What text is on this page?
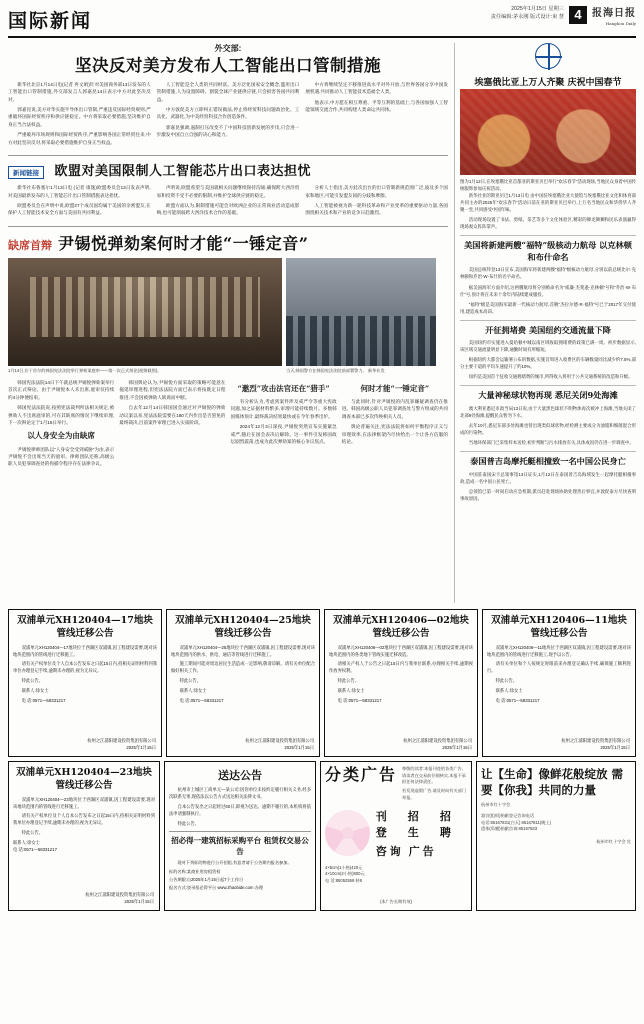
国际新闻
2025年1月15日 星期三
责任编辑:茅永刚 版式设计:束 慧 4	报海日报
Hanghou Daily
外交部:
坚决反对美方发布人工智能出口管制措施

新华社北京1月14日电(记者 冉文娟)针对美国商务部13日发布的人工智能出口管制措施,外交部发言人郭嘉昆14日表示中方对此坚决反对。

郭嘉昆说,美方对华实施半导体出口管制,严重违反国际经贸规则,严重破坏国际经贸秩序和供应链稳定。中方将采取必要措施,坚决维护自身正当合法权益。

严重破坏市场规则和国际经贸秩序,严重影响各国正常经贸往来,中方对此坚决反对,将采取必要措施维护自身正当权益。

人工智能是全人类的共同财富。美方泛化国家安全概念,滥用出口管制措施,人为设置障碍、割裂全球产业链供应链,只会损害各国共同利益。

中方敦促美方立即纠正错误做法,停止将经贸科技问题政治化、工具化、武器化,为中美经贸科技合作创造条件。

郭嘉昆强调,遏制打压改变不了中国科技创新发展的步伐,只会进一步激发中国自立自强的决心和能力。

中方将继续坚定不移推进高水平对外开放,与世界各国分享中国发展机遇,共同推动人工智能技术造福全人类。

他表示,中方愿在相互尊重、平等互利的基础上,与各国加强人工智能领域交流合作,共同构建人类命运共同体。

新闻链接 欧盟对美国限制人工智能芯片出口表达担忧

新华社布鲁塞尔1月13日电 (记者 康逸)欧盟委员会13日发表声明,对美国最新发布的人工智能芯片出口管制措施表达担忧。

欧盟委员会在声明中说,欧盟27个成员国均属于美国的亲密盟友,在保护人工智能技术安全方面与美国有共同利益。

声明说,欧盟希望与美国就相关问题继续保持沟通,确保跨大西洋贸易和投资不受不必要的限制,并维护全球供应链的稳定。

欧盟方面认为,限制措施可能会对欧洲企业的正常商业活动造成影响,也可能削弱跨大西洋技术合作的基础。

分析人士指出,美方此次出台的出口管制新规范围广泛,波及多个国家和地区,可能引发盟友间的分歧和摩擦。

人工智能被视为新一轮科技革命和产业变革的重要驱动力量,各国围绕相关技术和产业的竞争日趋激烈。

缺席首辩 尹锡悦弹劾案何时才能“一锤定音”
1月14日,位于首尔的韩国宪法法院举行弹劾案庭审——第一次正式辩论(视频截图)。	当天,韩国警方在韩国宪法法院前部署警力。 新华社发

韩国宪法法院14日下午就总统尹锡悦弹劾案举行首次正式辩论。由于尹锡悦本人未出席,庭审仅持续约4分钟便结束。

韩国宪法法院说,按照宪法裁判所法相关规定,被弹劾人不出席庭审的,可在其缺席的情况下继续审理,下一次辩论定于1月16日举行。

以人身安全为由缺席

尹锡悦律师团队以“人身安全受到威胁”为由,表示尹锡悦不会出席当天的庭审。律师团队还称,高级公职人员犯罪调查处的拘捕令程序存在法律争议。

韩国舆论认为,尹锡悦方面采取的策略可能意在拖延审理进程,但宪法法院方面已表示将按既定日程推进,不会因被弹劾人缺席而中断。

自去年12月14日韩国国会通过对尹锡悦的弹劾动议案以来,宪法法院需要在180天内作出是否罢免的最终裁决,目前案件审理已进入实质阶段。

“邀烈”攻击法官还在“猎手”

有分析认为,考虑到案件涉及戒严令等重大宪政问题,加之证据材料繁多,审理可能持续数月。多数韩国媒体预计,最终裁决结果最快或在今年春季出炉。

2024年12月3日深夜,尹锡悦突然宣布实施紧急戒严,随后在国会表决后解除。这一事件引发韩国政坛剧烈震荡,也成为此次弹劾案的核心争议焦点。

何时才能“一锤定音”

与此同时,针对尹锡悦的内乱罪嫌疑调查仍在推进。韩国高级公职人员犯罪调查处与警方组成的共同调查本部已多次传唤相关人员。

舆论普遍关注,宪法法院将如何平衡程序正义与审理效率,在法律框架内尽快给出一个让各方信服的结论。

埃塞俄比亚上万人齐聚 庆祝中国春节
图为1月12日,在埃塞俄比亚首都亚的斯亚贝巴举行“欢乐春节”活动现场,当地民众身着中国传统服饰参加庆祝活动。

新华社亚的斯亚贝巴1月13日电 由中国驻埃塞俄比亚大使馆与埃塞俄比亚文化和体育部共同主办的2025年“欢乐春节”活动日前在亚的斯亚贝巴举行,上万名当地民众和华侨华人齐聚一堂,共同感受中国年味。

活动现场设置了书法、剪纸、茶艺等多个文化体验区,精彩的舞龙舞狮和民乐表演赢得现场观众阵阵掌声。

美国将新建两艘“福特”级核动力航母 以克林顿和布什命名

美国总统拜登13日宣布,美国海军将新建两艘“福特”级核动力航母,分别以前总统比尔·克林顿和乔治·W·布什的名字命名。

据美国海军方面介绍,这两艘航母将分别被命名为“威廉·杰斐逊·克林顿”号和“乔治·W·布什”号,预计将在未来十余年内陆续建成服役。

“福特”级是美国海军最新一代核动力航母,首舰“杰拉尔德·R·福特”号已于2017年交付使用,建造成本高昂。

开征拥堵费 美国纽约交通流量下降

美国纽约市实施进入曼哈顿中城以南区域收取拥堵费的政策已满一周。初步数据显示,该区域交通流量明显下降,通勤时间有所缩短。

根据纽约大都会运输署公布的数据,实施首周进入收费区的车辆数量同比减少约7.5%,部分主要干道的平均车速提升了约10%。

纽约是美国首个征收交通拥堵费的城市,所得收入将用于公共交通系统的改造和升级。

大量神秘球状物再现 悉尼关闭9处海滩

澳大利亚悉尼市政当局13日说,由于大量黑色球状不明物体再次被冲上海滩,当地关闭了北部9处海滩,提醒民众暂勿下水。

去年10月,悉尼东部多处海滩也曾出现类似球状物,经检测主要成分为油脂和细菌混合形成的污染物。

当地环保部门已采集样本送检,初步判断与污水排放有关,具体成因仍在进一步调查中。

泰国普吉岛摩托艇相撞致一名中国公民身亡

中国驻泰国宋卡总领事馆13日证实,1月12日在泰国普吉岛海域发生一起摩托艇相撞事故,造成一名中国公民死亡。

总领馆已第一时间启动应急机制,派员赶赴现场协助处理善后事宜,并敦促泰方尽快查明事故原因。

双浦单元XH120404—17地块管线迁移公告

双浦单元XH120404—17地块位于西湖区双浦镇,因工程建设需要,现对该地块范围内的管线进行迁移施工。

请有关产权单位及个人自本公告发布之日起15日内,持相关证明材料到我单位办理登记手续,逾期未办理的,视为无异议。

特此公告。

联系人:徐女士

电 话:0571—58331217

杭州之江浦阳建设投资集团有限公司
2025年1月15日
双浦单元XH120404—25地块管线迁移公告

双浦单元XH120404—25地块位于西湖区双浦镇,因工程建设需要,现对该地块范围内的供水、供电、通信等管线进行迁移施工。

施工期间可能对周边居民生活造成一定影响,敬请谅解。请有关单位配合做好相关工作。

特此公告。

联系人:徐女士

电 话:0571—58331217

杭州之江浦阳建设投资集团有限公司
2025年1月15日
双浦单元XH120406—02地块管线迁移公告

双浦单元XH120406—02地块位于西湖区双浦镇,因工程建设需要,现对该地块范围内的各类地下管线实施迁移改造。

请相关产权人于公告之日起15日内与我单位联系,办理相关手续,逾期视作放弃权利。

特此公告。

联系人:徐女士

电 话:0571—58331217

杭州之江浦阳建设投资集团有限公司
2025年1月15日
双浦单元XH120406—11地块管线迁移公告

双浦单元XH120406—11地块位于西湖区双浦镇,因工程建设需要,现对该地块范围内的管线进行迁移施工,现予以公告。

请有关单位和个人按规定时限前来办理登记确认手续,确保施工顺利进行。

特此公告。

联系人:徐女士

电 话:0571—58331217

杭州之江浦阳建设投资集团有限公司
2025年1月15日
双浦单元XH120404—23地块管线迁移公告

双浦单元XH120404—23地块位于西湖区双浦镇,因工程建设需要,现对该地块范围内的管线进行迁移施工。

请有关产权单位及个人自本公告发布之日起15日内,持相关证明材料到我单位办理登记手续,逾期未办理的,视为无异议。

特此公告。

联系人:徐女士

电 话:0571—58331217

杭州之江浦阳建设投资集团有限公司
2025年1月15日
送达公告

杭州市上城区工商单元—某公司:因你单位未按约定履行相关义务,经多次联系无果,现依法以公告方式送达相关法律文书。

自本公告发出之日起经过60日,即视为送达。逾期不履行的,本机构将依法申请强制执行。

特此公告。

招必得一建筑招标采购平台 租赁权交易公告

现对下列标的物进行公开招租,有意者请于公告期内报名参加。

标的名称:某商业用房租赁权

公告期限:自2025年1月15日起7个工作日

报名方式:登录招必得平台 www.zhaobide.com 办理

分类广告 尊敬的读者:本报刊登的各类广告,请读者在交易前仔细核实,本报不承担任何法律责任。

若发现虚假广告,请及时向有关部门举报。

刊登
招生
招聘
咨询 广告
4×5cm(1小格)420元
4×10cm(2小格)800元
电 话:85052559 转8
(本广告长期有效)
让【生命】像鲜花般绽放 需要【你我】共同的力量
杭州市红十字会
器官(组织)捐献登记咨询电话
电话:85167831(白天) 85167811(晚上)
遗体(角膜)捐献咨询:85167833
杭州市红十字会 宣
